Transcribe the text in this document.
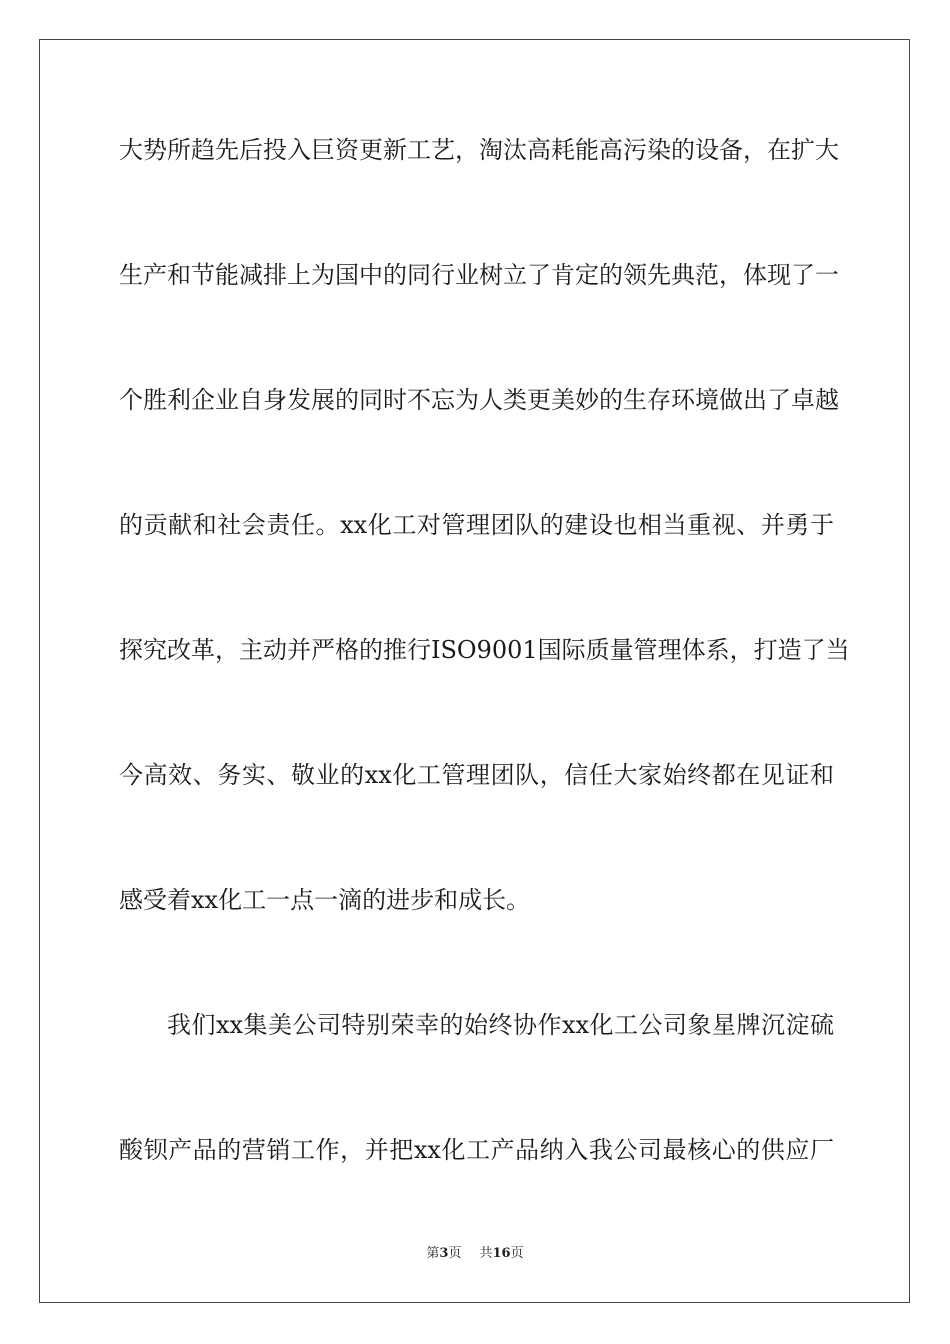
大势所趋先后投入巨资更新工艺，淘汰高耗能高污染的设备，在扩大
生产和节能减排上为国中的同行业树立了肯定的领先典范，体现了一
个胜利企业自身发展的同时不忘为人类更美妙的生存环境做出了卓越
的贡献和社会责任。xx化工对管理团队的建设也相当重视、并勇于
探究改革，主动并严格的推行ISO9001国际质量管理体系，打造了当
今高效、务实、敬业的xx化工管理团队，信任大家始终都在见证和
感受着xx化工一点一滴的进步和成长。
我们xx集美公司特别荣幸的始终协作xx化工公司象星牌沉淀硫
酸钡产品的营销工作，并把xx化工产品纳入我公司最核心的供应厂
第3页 共16页
